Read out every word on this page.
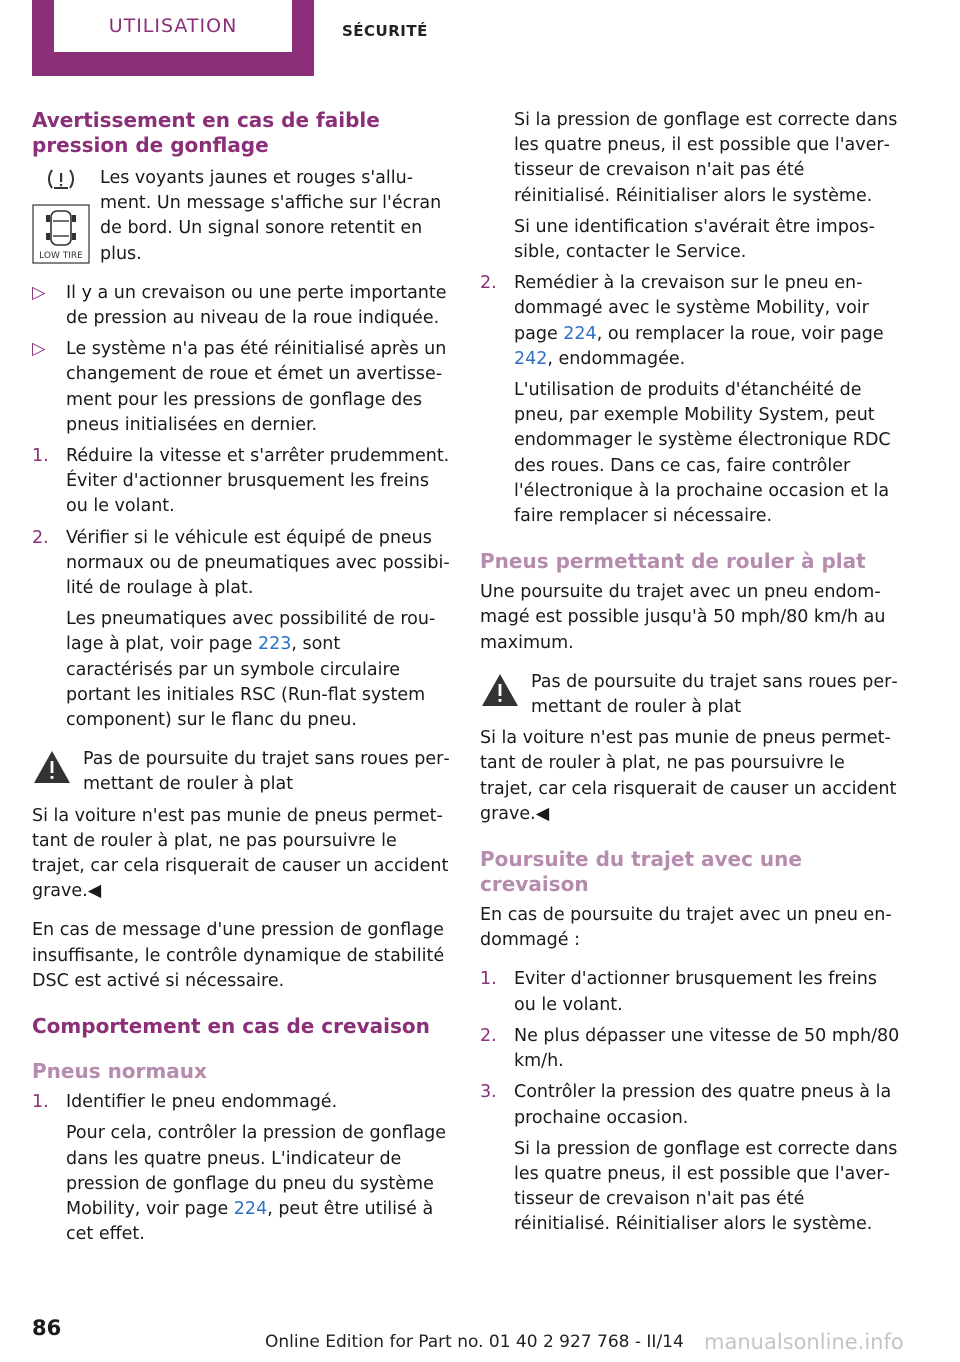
UTILISATION	SÉCURITÉ
Avertissement en cas de faible pression de gonflage

LOW TIRE
Les voyants jaunes et rouges s'allument. Un message s'affiche sur l'écran de bord. Un signal sonore retentit en plus.
▷ Il y a un crevaison ou une perte importante de pression au niveau de la roue indiquée.
▷ Le système n'a pas été réinitialisé après un changement de roue et émet un avertissement pour les pressions de gonflage des pneus initialisées en dernier.
1. Réduire la vitesse et s'arrêter prudemment. Éviter d'actionner brusquement les freins ou le volant.
2. Vérifier si le véhicule est équipé de pneus normaux ou de pneumatiques avec possibilité de roulage à plat.

Les pneumatiques avec possibilité de roulage à plat, voir page 223, sont caractérisés par un symbole circulaire portant les initiales RSC (Run-flat system component) sur le flanc du pneu.

Pas de poursuite du trajet sans roues permettant de rouler à plat

Si la voiture n'est pas munie de pneus permettant de rouler à plat, ne pas poursuivre le trajet, car cela risquerait de causer un accident grave.◀

En cas de message d'une pression de gonflage insuffisante, le contrôle dynamique de stabilité DSC est activé si nécessaire.

Comportement en cas de crevaison
Pneus normaux
1. Identifier le pneu endommagé.

Pour cela, contrôler la pression de gonflage dans les quatre pneus. L'indicateur de pression de gonflage du pneu du système Mobility, voir page 224, peut être utilisé à cet effet.

Si la pression de gonflage est correcte dans les quatre pneus, il est possible que l'avertisseur de crevaison n'ait pas été réinitialisé. Réinitialiser alors le système.

Si une identification s'avérait être impossible, contacter le Service.

2. Remédier à la crevaison sur le pneu endommagé avec le système Mobility, voir page 224, ou remplacer la roue, voir page 242, endommagée.

L'utilisation de produits d'étanchéité de pneu, par exemple Mobility System, peut endommager le système électronique RDC des roues. Dans ce cas, faire contrôler l'électronique à la prochaine occasion et la faire remplacer si nécessaire.

Pneus permettant de rouler à plat

Une poursuite du trajet avec un pneu endommagé est possible jusqu'à 50 mph/80 km/h au maximum.

Pas de poursuite du trajet sans roues permettant de rouler à plat

Si la voiture n'est pas munie de pneus permettant de rouler à plat, ne pas poursuivre le trajet, car cela risquerait de causer un accident grave.◀

Poursuite du trajet avec une crevaison

En cas de poursuite du trajet avec un pneu endommagé :

1. Eviter d'actionner brusquement les freins ou le volant.
2. Ne plus dépasser une vitesse de 50 mph/80 km/h.
3. Contrôler la pression des quatre pneus à la prochaine occasion.

Si la pression de gonflage est correcte dans les quatre pneus, il est possible que l'avertisseur de crevaison n'ait pas été réinitialisé. Réinitialiser alors le système.

86
Online Edition for Part no. 01 40 2 927 768 - II/14 manualsonline.info
